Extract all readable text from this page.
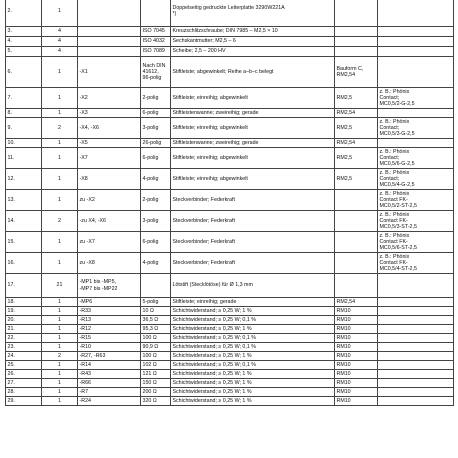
2.	1			Doppelseitig gedruckte Leiterplatte 3290W221A
*)		
3.	4		ISO 7045	Kreuzschlitzschraube; DIN 7985 – M2,5 × 10		
4.	4		ISO 4032	Sechskantmutter; M2,5 – 6		
5.	4		ISO 7089	Scheibe; 2,5 – 200 HV		
6.	1	-X1	Nach DIN
41612,
96-polig	Stiftleiste; abgewinkelt; Reihe a–b–c belegt	Bauform C,
RM2,54	
7.	1	-X2	2-polig	Stiftleiste; einreihig; abgewinkelt	RM2,5	z. B.: Phönix
Contact;
MC0,5/2-G-2,5
8.	1	-X3	6-polig	Stiftleistenwanne; zweireihig; gerade	RM2,54	
9.	2	-X4, -X6	3-polig	Stiftleiste; einreihig; abgewinkelt	RM2,5	z. B.: Phönix
Contact;
MC0,5/3-G-2,5
10.	1	-X5	26-polig	Stiftleistenwanne; zweireihig; gerade	RM2,54	
11.	1	-X7	6-polig	Stiftleiste; einreihig; abgewinkelt	RM2,5	z. B.: Phönix
Contact;
MC0,5/6-G-2,5
12.	1	-X8	4-polig	Stiftleiste; einreihig; abgewinkelt	RM2,5	z. B.: Phönix
Contact;
MC0,5/4-G-2,5
13.	1	zu -X2	2-polig	Steckverbinder; Federkraft		z. B.: Phönix
Contact FK-
MC0,5/2-ST-2,5
14.	2	-zu X4, -X6	3-polig	Steckverbinder; Federkraft		z. B.: Phönix
Contact FK-
MC0,5/3-ST-2,5
15.	1	zu -X7	6-polig	Steckverbinder; Federkraft		z. B.: Phönix
Contact FK-
MC0,5/6-ST-2,5
16.	1	zu -X8	4-polig	Steckverbinder; Federkraft		z. B.: Phönix
Contact FK-
MC0,5/4-ST-2,5
17.	21	-MP1 bis -MP5,
-MP7 bis -MP22		Lötstift (Stecklötöse) für Ø 1,3 mm		
18.	1	-MP6	5-polig	Stiftleiste; einreihig; gerade	RM2,54	
19.	1	-R33	10 Ω	Schichtwiderstand; ≥ 0,25 W; 1 %	RM10	
20.	1	-R13	36,5 Ω	Schichtwiderstand; ≥ 0,25 W; 0,1 %	RM10	
21.	1	-R12	95,3 Ω	Schichtwiderstand; ≥ 0,25 W; 1 %	RM10	
22.	1	-R15	100 Ω	Schichtwiderstand; ≥ 0,25 W; 0,1 %	RM10	
23.	1	-R10	90,9 Ω	Schichtwiderstand; ≥ 0,25 W; 0,1 %	RM10	
24.	2	-R27, -R63	100 Ω	Schichtwiderstand; ≥ 0,25 W; 1 %	RM10	
25.	1	-R14	102 Ω	Schichtwiderstand; ≥ 0,25 W; 0,1 %	RM10	
26.	1	-R43	121 Ω	Schichtwiderstand; ≥ 0,25 W; 1 %	RM10	
27.	1	-R66	150 Ω	Schichtwiderstand; ≥ 0,25 W; 1 %	RM10	
28.	1	-R7	200 Ω	Schichtwiderstand; ≥ 0,25 W; 1 %	RM10	
29.	1	-R24	320 Ω	Schichtwiderstand; ≥ 0,25 W; 1 %	RM10	
